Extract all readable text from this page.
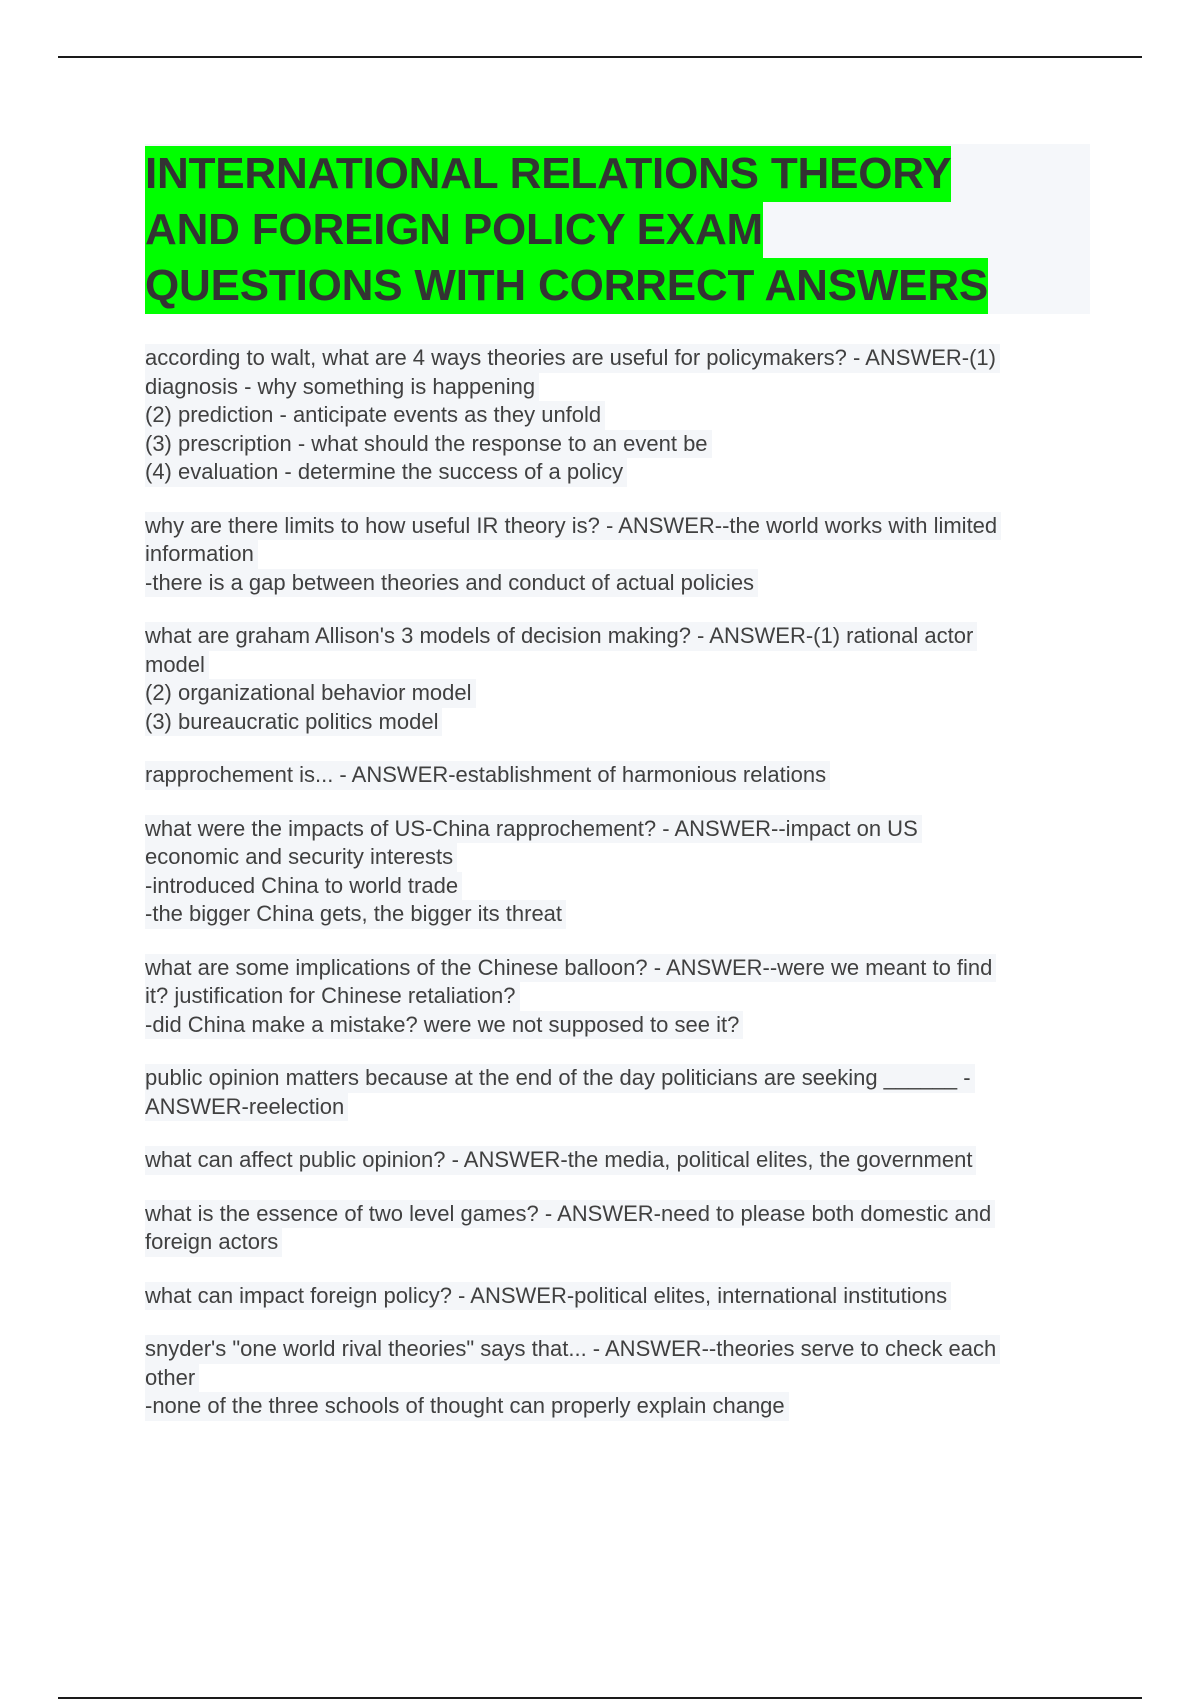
INTERNATIONAL RELATIONS THEORY
AND FOREIGN POLICY EXAM
QUESTIONS WITH CORRECT ANSWERS
according to walt, what are 4 ways theories are useful for policymakers? - ANSWER-(1)
diagnosis - why something is happening
(2) prediction - anticipate events as they unfold
(3) prescription - what should the response to an event be
(4) evaluation - determine the success of a policy
why are there limits to how useful IR theory is? - ANSWER--the world works with limited
information
-there is a gap between theories and conduct of actual policies
what are graham Allison's 3 models of decision making? - ANSWER-(1) rational actor
model
(2) organizational behavior model
(3) bureaucratic politics model
rapprochement is... - ANSWER-establishment of harmonious relations
what were the impacts of US-China rapprochement? - ANSWER--impact on US
economic and security interests
-introduced China to world trade
-the bigger China gets, the bigger its threat
what are some implications of the Chinese balloon? - ANSWER--were we meant to find
it? justification for Chinese retaliation?
-did China make a mistake? were we not supposed to see it?
public opinion matters because at the end of the day politicians are seeking ______ -
ANSWER-reelection
what can affect public opinion? - ANSWER-the media, political elites, the government
what is the essence of two level games? - ANSWER-need to please both domestic and
foreign actors
what can impact foreign policy? - ANSWER-political elites, international institutions
snyder's "one world rival theories" says that... - ANSWER--theories serve to check each
other
-none of the three schools of thought can properly explain change
